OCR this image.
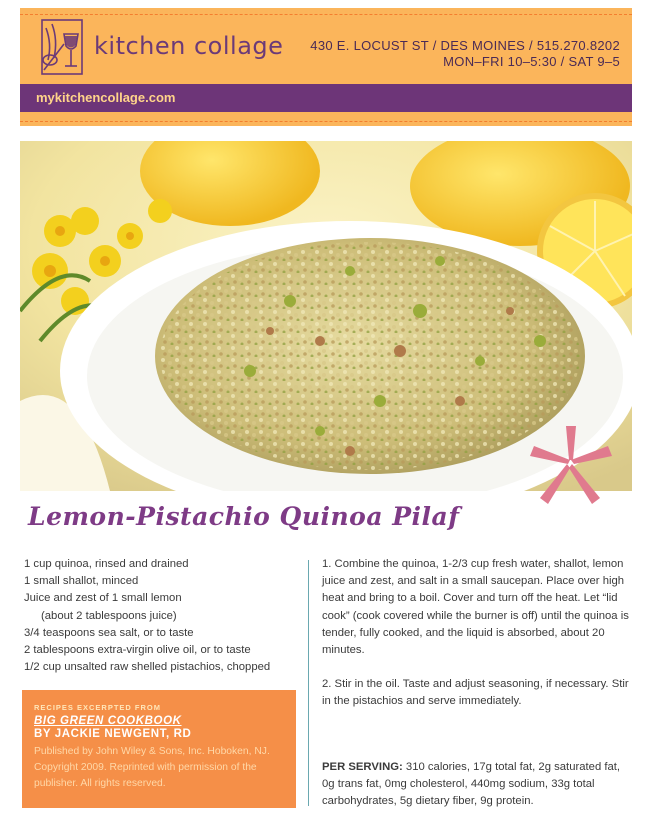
kitchen collage 430 E. LOCUST ST / DES MOINES / 515.270.8202
MON–FRI 10–5:30 / SAT 9–5
mykitchencollage.com
Lemon-Pistachio Quinoa Pilaf
1 cup quinoa, rinsed and drained
1 small shallot, minced
Juice and zest of 1 small lemon
(about 2 tablespoons juice)
3/4 teaspoons sea salt, or to taste
2 tablespoons extra-virgin olive oil, or to taste
1/2 cup unsalted raw shelled pistachios, chopped

1. Combine the quinoa, 1-2/3 cup fresh water, shallot, lemon juice and zest, and salt in a small saucepan. Place over high heat and bring to a boil. Cover and turn off the heat. Let “lid cook” (cook covered while the burner is off) until the quinoa is tender, fully cooked, and the liquid is absorbed, about 20 minutes.

2. Stir in the oil. Taste and adjust seasoning, if necessary. Stir in the pistachios and serve immediately.

PER SERVING: 310 calories, 17g total fat, 2g saturated fat, 0g trans fat, 0mg cholesterol, 440mg sodium, 33g total carbohydrates, 5g dietary fiber, 9g protein.
RECIPES EXCERPTED FROM
BIG GREEN COOKBOOK
BY JACKIE NEWGENT, RD
Published by John Wiley & Sons, Inc. Hoboken, NJ. Copyright 2009. Reprinted with permission of the publisher. All rights reserved.
